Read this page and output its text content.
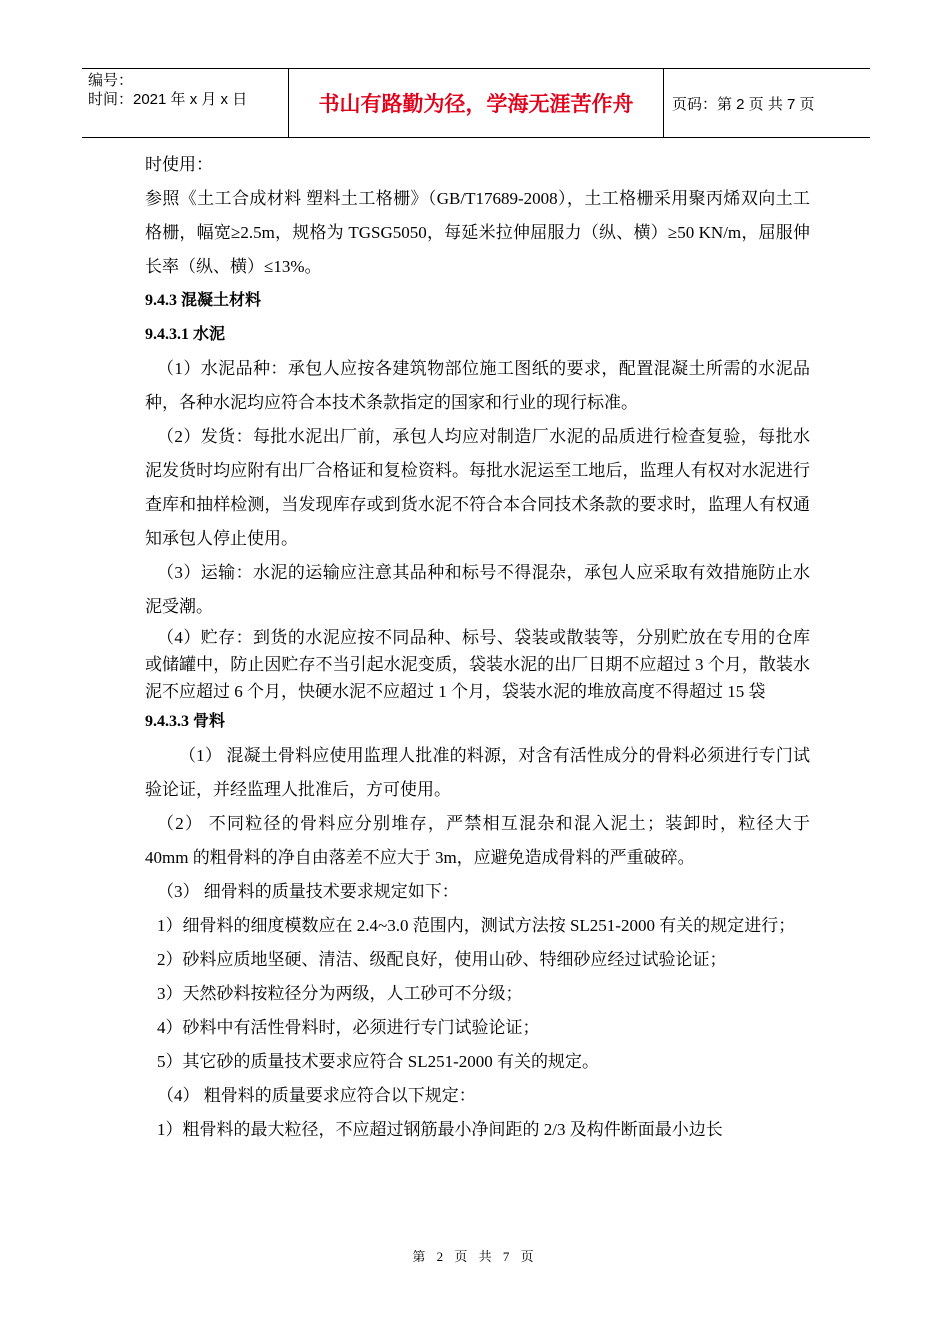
编号：
时间：2021 年 x 月 x 日	书山有路勤为径，学海无涯苦作舟	页码：第 2 页 共 7 页

时使用：

参照《土工合成材料 塑料土工格栅》（GB/T17689-2008），土工格栅采用聚丙烯双向土工格栅，幅宽≥2.5m，规格为 TGSG5050，每延米拉伸屈服力（纵、横）≥50 KN/m，屈服伸长率（纵、横）≤13%。

9.4.3 混凝土材料

9.4.3.1 水泥

（1）水泥品种：承包人应按各建筑物部位施工图纸的要求，配置混凝土所需的水泥品种，各种水泥均应符合本技术条款指定的国家和行业的现行标准。

（2）发货：每批水泥出厂前，承包人均应对制造厂水泥的品质进行检查复验，每批水泥发货时均应附有出厂合格证和复检资料。每批水泥运至工地后，监理人有权对水泥进行查库和抽样检测，当发现库存或到货水泥不符合本合同技术条款的要求时，监理人有权通知承包人停止使用。

（3）运输：水泥的运输应注意其品种和标号不得混杂，承包人应采取有效措施防止水泥受潮。

（4）贮存：到货的水泥应按不同品种、标号、袋装或散装等，分别贮放在专用的仓库或储罐中，防止因贮存不当引起水泥变质，袋装水泥的出厂日期不应超过 3 个月，散装水泥不应超过 6 个月，快硬水泥不应超过 1 个月，袋装水泥的堆放高度不得超过 15 袋

9.4.3.3 骨料

（1） 混凝土骨料应使用监理人批准的料源，对含有活性成分的骨料必须进行专门试验论证，并经监理人批准后，方可使用。

（2） 不同粒径的骨料应分别堆存，严禁相互混杂和混入泥土；装卸时，粒径大于 40mm 的粗骨料的净自由落差不应大于 3m，应避免造成骨料的严重破碎。

（3） 细骨料的质量技术要求规定如下：

1）细骨料的细度模数应在 2.4~3.0 范围内，测试方法按 SL251-2000 有关的规定进行；

2）砂料应质地坚硬、清洁、级配良好，使用山砂、特细砂应经过试验论证；

3）天然砂料按粒径分为两级，人工砂可不分级；

4）砂料中有活性骨料时，必须进行专门试验论证；

5）其它砂的质量技术要求应符合 SL251-2000 有关的规定。

（4） 粗骨料的质量要求应符合以下规定：

1）粗骨料的最大粒径，不应超过钢筋最小净间距的 2/3 及构件断面最小边长

第 2 页 共 7 页
